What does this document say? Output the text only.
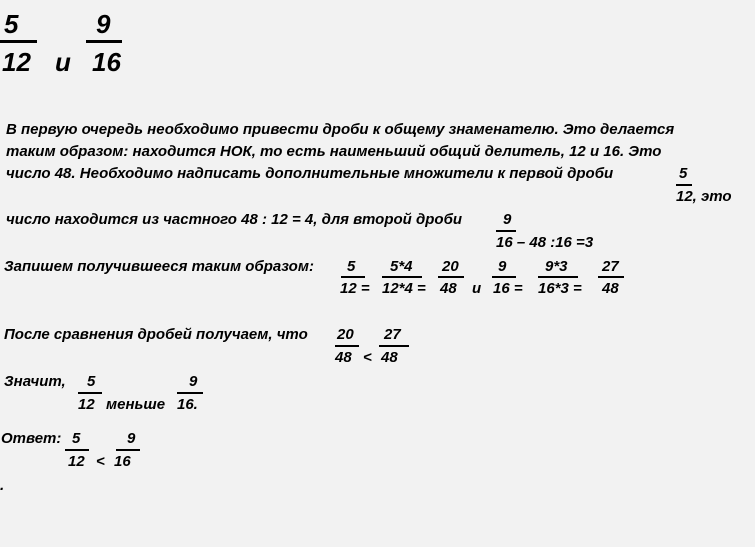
5
12 и
9
16
В первую очередь необходимо привести дроби к общему знаменателю. Это делается
таким образом: находится НОК, то есть наименьший общий делитель, 12 и 16. Это
число 48. Необходимо надписать дополнительные множители к первой дроби	5
12, это
число находится из частного 48 : 12 = 4, для второй дроби	9
16 – 48 :16 =3
Запишем получившееся таким образом: 5
12 =
5*4
12*4 =
20
48 и
9
16 =
9*3
16*3 =
27
48
После сравнения дробей получаем, что 20
48 <
27
48
Значит, 5
12 меньше
9
16.
Ответ: 5
12 <
9
16
.
